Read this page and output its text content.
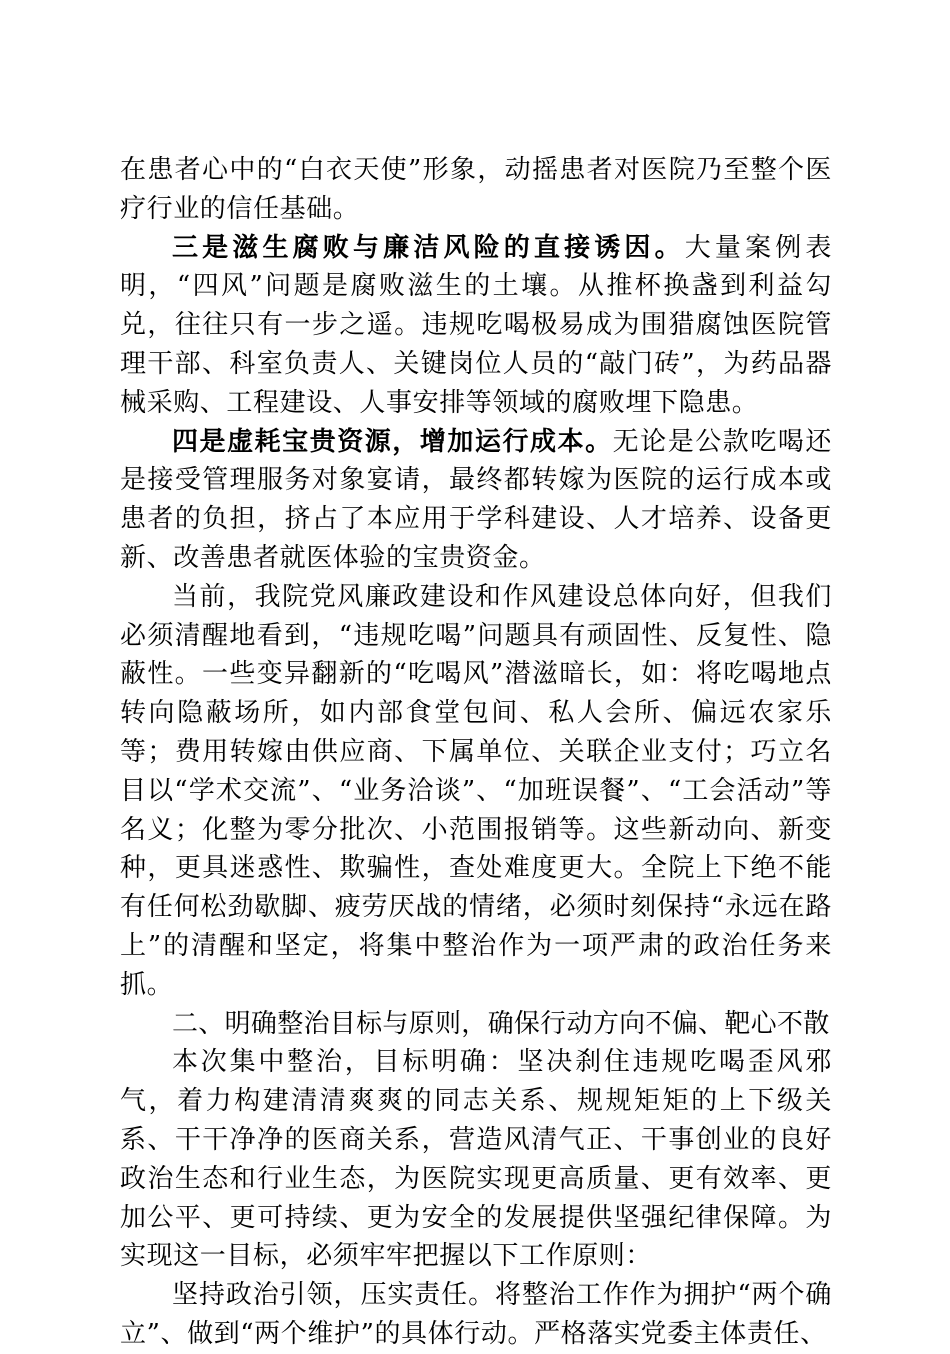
在患者心中的“白衣天使”形象，动摇患者对医院乃至整个医疗行业的信任基础。

三是滋生腐败与廉洁风险的直接诱因。大量案例表明，“四风”问题是腐败滋生的土壤。从推杯换盏到利益勾兑，往往只有一步之遥。违规吃喝极易成为围猎腐蚀医院管理干部、科室负责人、关键岗位人员的“敲门砖”，为药品器械采购、工程建设、人事安排等领域的腐败埋下隐患。

四是虚耗宝贵资源，增加运行成本。无论是公款吃喝还是接受管理服务对象宴请，最终都转嫁为医院的运行成本或患者的负担，挤占了本应用于学科建设、人才培养、设备更新、改善患者就医体验的宝贵资金。

当前，我院党风廉政建设和作风建设总体向好，但我们必须清醒地看到，“违规吃喝”问题具有顽固性、反复性、隐蔽性。一些变异翻新的“吃喝风”潜滋暗长，如：将吃喝地点转向隐蔽场所，如内部食堂包间、私人会所、偏远农家乐等；费用转嫁由供应商、下属单位、关联企业支付；巧立名目以“学术交流”、“业务洽谈”、“加班误餐”、“工会活动”等名义；化整为零分批次、小范围报销等。这些新动向、新变种，更具迷惑性、欺骗性，查处难度更大。全院上下绝不能有任何松劲歇脚、疲劳厌战的情绪，必须时刻保持“永远在路上”的清醒和坚定，将集中整治作为一项严肃的政治任务来抓。

二、明确整治目标与原则，确保行动方向不偏、靶心不散

本次集中整治，目标明确：坚决刹住违规吃喝歪风邪气，着力构建清清爽爽的同志关系、规规矩矩的上下级关系、干干净净的医商关系，营造风清气正、干事创业的良好政治生态和行业生态，为医院实现更高质量、更有效率、更加公平、更可持续、更为安全的发展提供坚强纪律保障。为实现这一目标，必须牢牢把握以下工作原则：

坚持政治引领，压实责任。将整治工作作为拥护“两个确立”、做到“两个维护”的具体行动。严格落实党委主体责任、
